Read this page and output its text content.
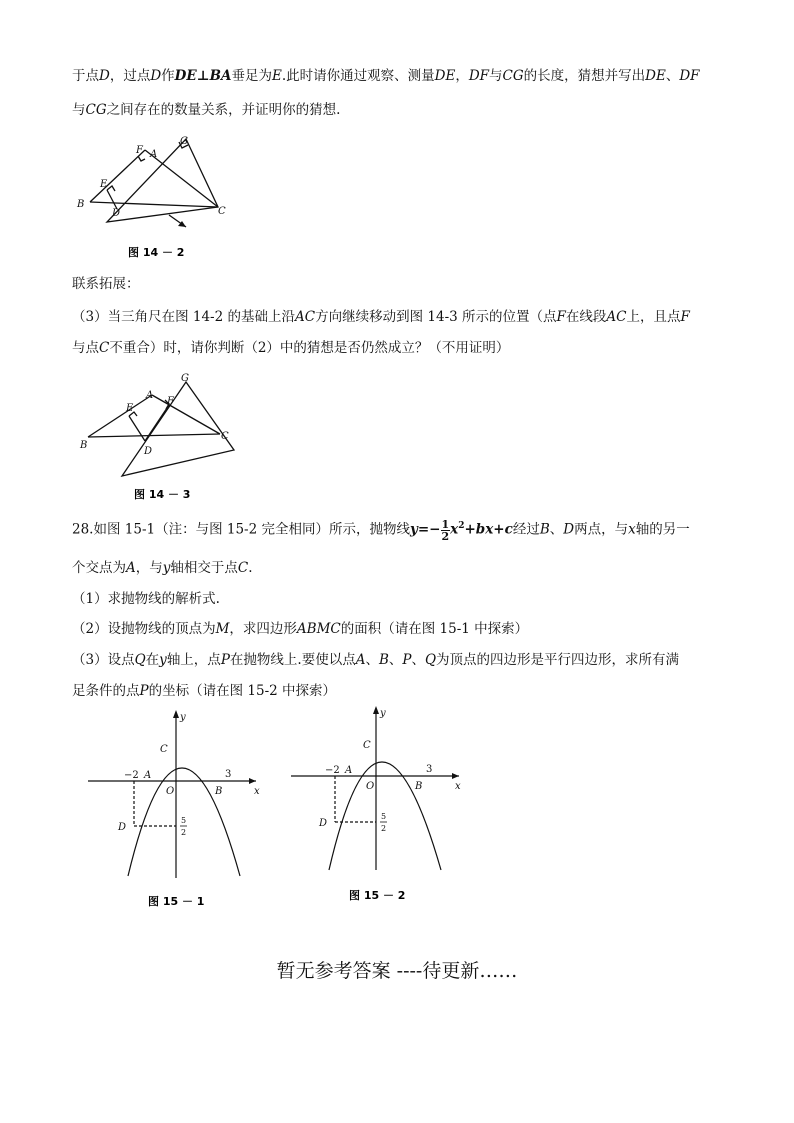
于点D，过点D作DE⊥BA垂足为E.此时请你通过观察、测量DE，DF与CG的长度，猜想并写出DE、DF
与CG之间存在的数量关系，并证明你的猜想.
F A
G
E
B
D	C
图 14 － 2
联系拓展：
（3）当三角尺在图 14-2 的基础上沿AC方向继续移动到图 14-3 所示的位置（点F在线段AC上，且点F
与点C不重合）时，请你判断（2）中的猜想是否仍然成立？（不用证明）
G
A
E
F
B
D
C
图 14 － 3
28.如图 15-1（注：与图 15-2 完全相同）所示，抛物线$y=- \frac{1}{2} x^2+bx+c$经过B、D两点，与x轴的另一
个交点为A，与y轴相交于点C.
（1）求抛物线的解析式.
（2）设抛物线的顶点为M，求四边形ABMC的面积（请在图 15-1 中探索）
（3）设点Q在y轴上，点P在抛物线上.要使以点A、B、P、Q为顶点的四边形是平行四边形，求所有满
足条件的点P的坐标（请在图 15-2 中探索）
y
x
C
A
−2
B
3
O
D
5
2
图 15 － 1
y
x
C
A
−2
B
3
O
D
5
2
图 15 － 2
暂无参考答案 ----待更新……
